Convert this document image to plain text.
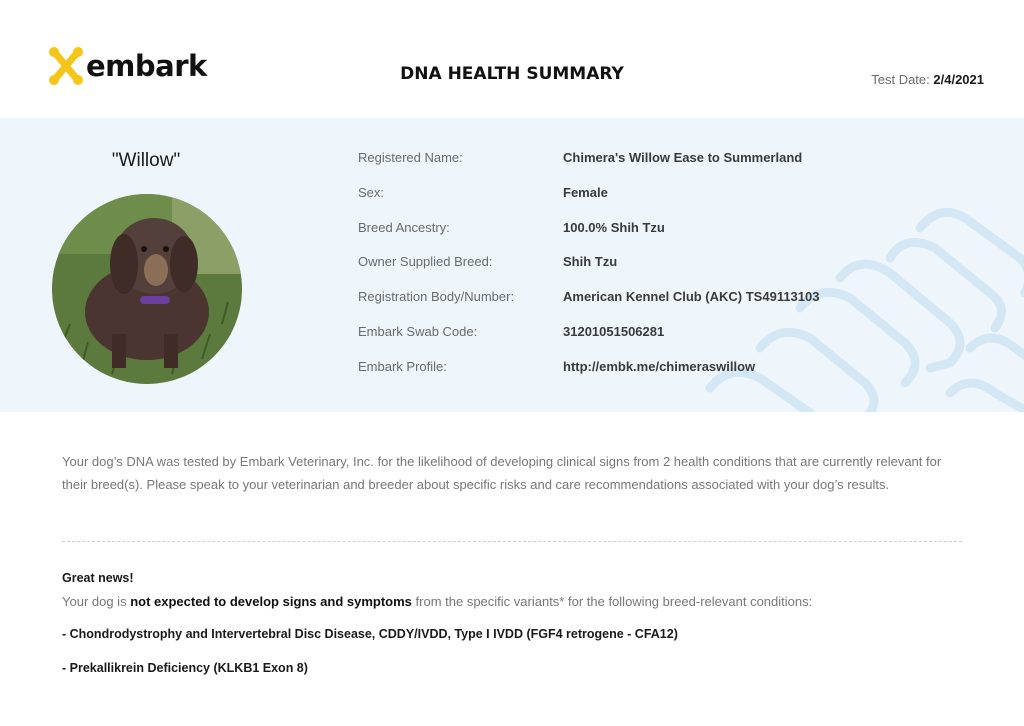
embark	DNA HEALTH SUMMARY	Test Date: 2/4/2021
"Willow"	Registered Name:	Chimera's Willow Ease to Summerland
Sex:	Female
Breed Ancestry:	100.0% Shih Tzu
Owner Supplied Breed:	Shih Tzu
Registration Body/Number:	American Kennel Club (AKC) TS49113103
Embark Swab Code:	31201051506281
Embark Profile:	http://embk.me/chimeraswillow

Your dog’s DNA was tested by Embark Veterinary, Inc. for the likelihood of developing clinical signs from 2 health conditions that are currently relevant for their breed(s). Please speak to your veterinarian and breeder about specific risks and care recommendations associated with your dog’s results.

Great news!
Your dog is not expected to develop signs and symptoms from the specific variants* for the following breed-relevant conditions:
- Chondrodystrophy and Intervertebral Disc Disease, CDDY/IVDD, Type I IVDD (FGF4 retrogene - CFA12)
- Prekallikrein Deficiency (KLKB1 Exon 8)
